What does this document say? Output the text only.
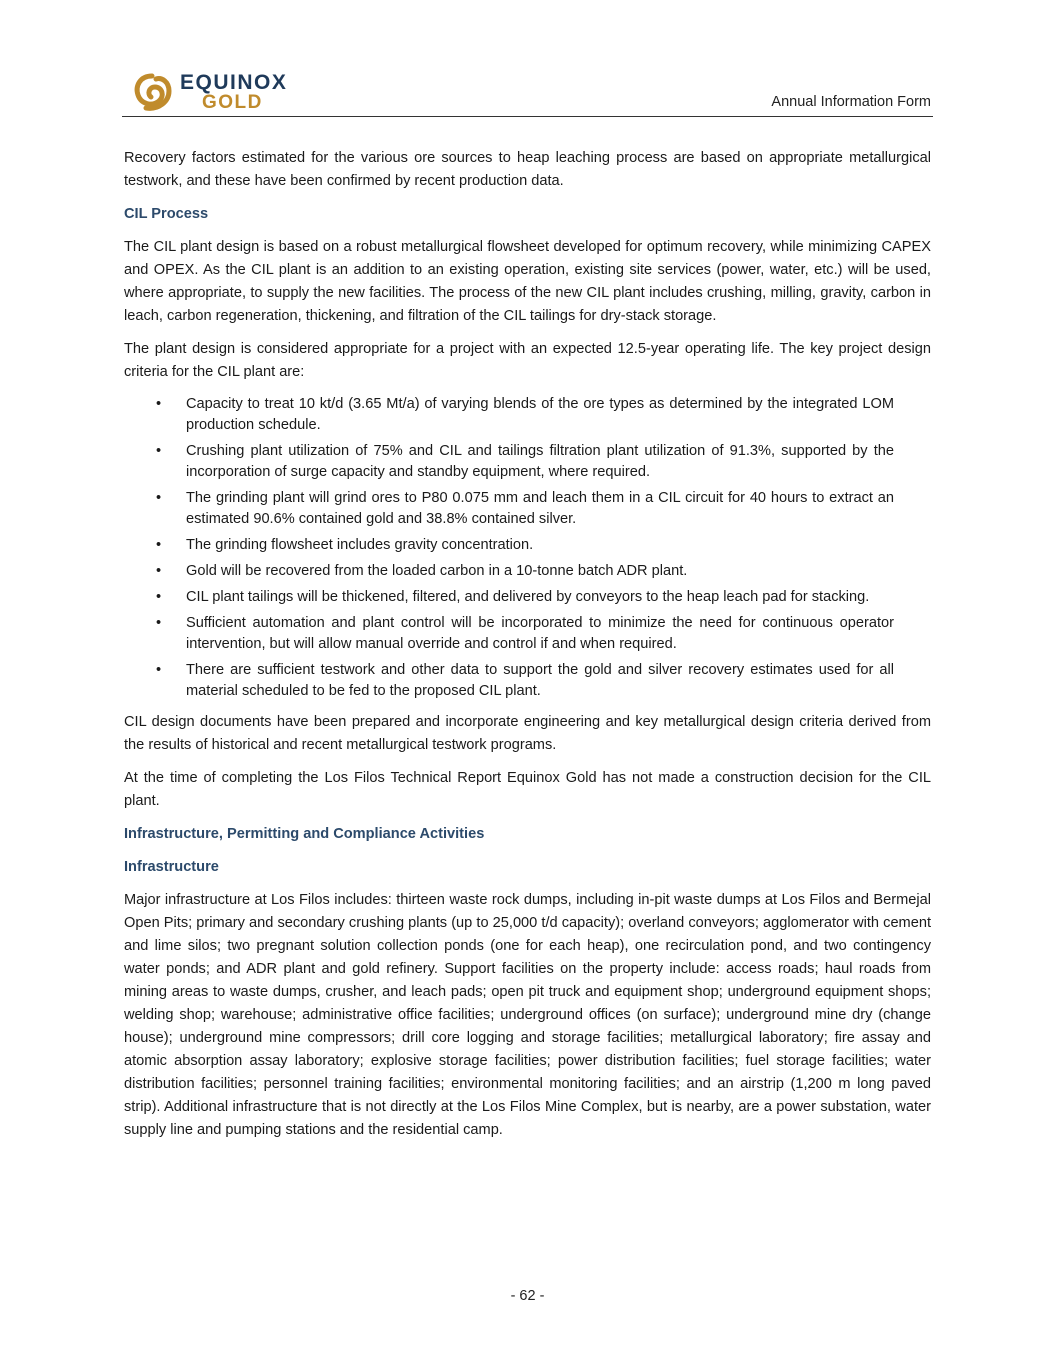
EQUINOX
GOLD	Annual Information Form

Recovery factors estimated for the various ore sources to heap leaching process are based on appropriate metallurgical testwork, and these have been confirmed by recent production data.

CIL Process

The CIL plant design is based on a robust metallurgical flowsheet developed for optimum recovery, while minimizing CAPEX and OPEX. As the CIL plant is an addition to an existing operation, existing site services (power, water, etc.) will be used, where appropriate, to supply the new facilities. The process of the new CIL plant includes crushing, milling, gravity, carbon in leach, carbon regeneration, thickening, and filtration of the CIL tailings for dry-stack storage.

The plant design is considered appropriate for a project with an expected 12.5-year operating life. The key project design criteria for the CIL plant are:

• Capacity to treat 10 kt/d (3.65 Mt/a) of varying blends of the ore types as determined by the integrated LOM production schedule.
• Crushing plant utilization of 75% and CIL and tailings filtration plant utilization of 91.3%, supported by the incorporation of surge capacity and standby equipment, where required.
• The grinding plant will grind ores to P80 0.075 mm and leach them in a CIL circuit for 40 hours to extract an estimated 90.6% contained gold and 38.8% contained silver.
• The grinding flowsheet includes gravity concentration.
• Gold will be recovered from the loaded carbon in a 10-tonne batch ADR plant.
• CIL plant tailings will be thickened, filtered, and delivered by conveyors to the heap leach pad for stacking.
• Sufficient automation and plant control will be incorporated to minimize the need for continuous operator intervention, but will allow manual override and control if and when required.
• There are sufficient testwork and other data to support the gold and silver recovery estimates used for all material scheduled to be fed to the proposed CIL plant.

CIL design documents have been prepared and incorporate engineering and key metallurgical design criteria derived from the results of historical and recent metallurgical testwork programs.

At the time of completing the Los Filos Technical Report Equinox Gold has not made a construction decision for the CIL plant.

Infrastructure, Permitting and Compliance Activities
Infrastructure

Major infrastructure at Los Filos includes: thirteen waste rock dumps, including in-pit waste dumps at Los Filos and Bermejal Open Pits; primary and secondary crushing plants (up to 25,000 t/d capacity); overland conveyors; agglomerator with cement and lime silos; two pregnant solution collection ponds (one for each heap), one recirculation pond, and two contingency water ponds; and ADR plant and gold refinery. Support facilities on the property include: access roads; haul roads from mining areas to waste dumps, crusher, and leach pads; open pit truck and equipment shop; underground equipment shops; welding shop; warehouse; administrative office facilities; underground offices (on surface); underground mine dry (change house); underground mine compressors; drill core logging and storage facilities; metallurgical laboratory; fire assay and atomic absorption assay laboratory; explosive storage facilities; power distribution facilities; fuel storage facilities; water distribution facilities; personnel training facilities; environmental monitoring facilities; and an airstrip (1,200 m long paved strip). Additional infrastructure that is not directly at the Los Filos Mine Complex, but is nearby, are a power substation, water supply line and pumping stations and the residential camp.

- 62 -
